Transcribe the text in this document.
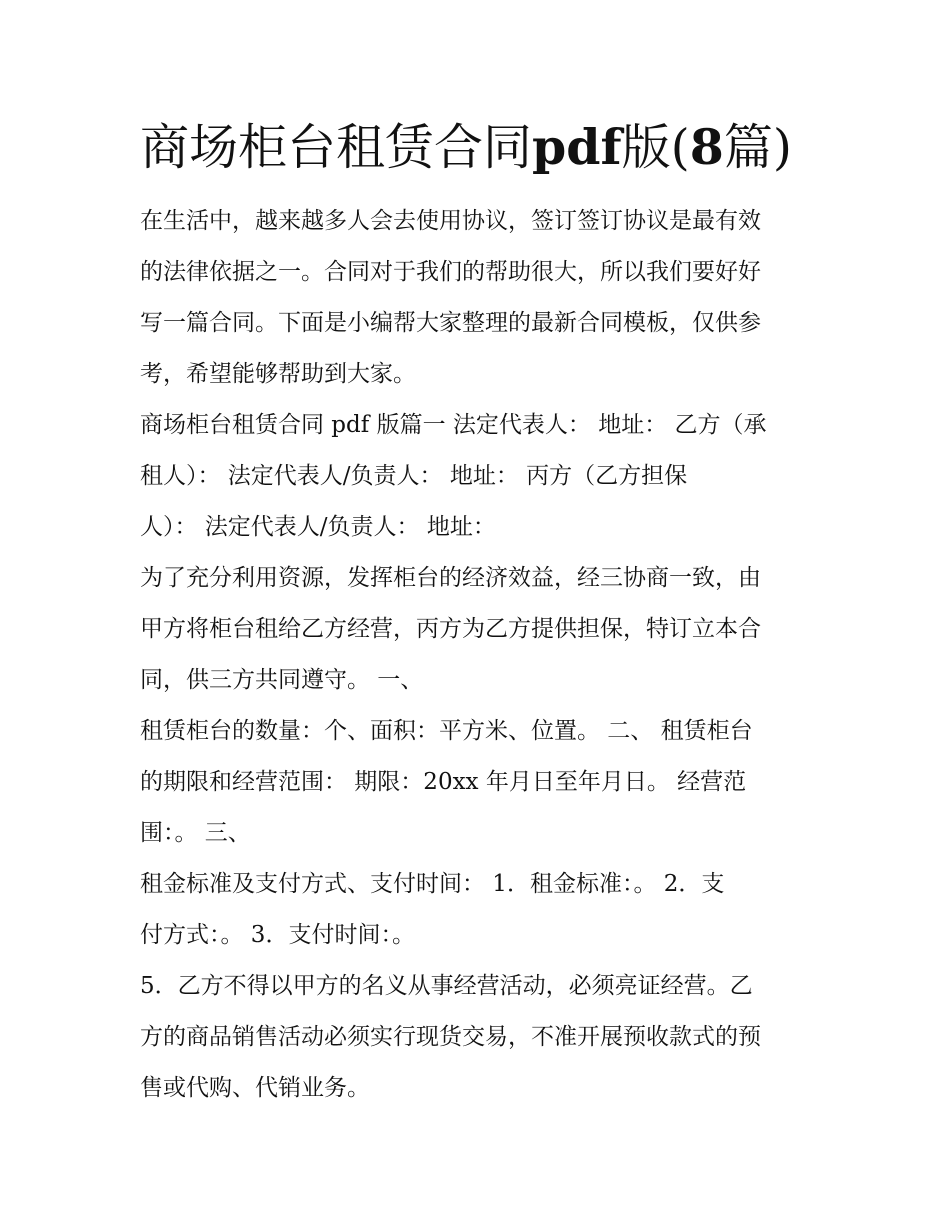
商场柜台租赁合同pdf版(8篇)
在生活中，越来越多人会去使用协议，签订签订协议是最有效
的法律依据之一。合同对于我们的帮助很大，所以我们要好好
写一篇合同。下面是小编帮大家整理的最新合同模板，仅供参
考，希望能够帮助到大家。
商场柜台租赁合同 pdf 版篇一 法定代表人： 地址： 乙方（承
租人）： 法定代表人/负责人： 地址： 丙方（乙方担保
人）： 法定代表人/负责人： 地址：
为了充分利用资源，发挥柜台的经济效益，经三协商一致，由
甲方将柜台租给乙方经营，丙方为乙方提供担保，特订立本合
同，供三方共同遵守。 一、
租赁柜台的数量：个、面积：平方米、位置。 二、 租赁柜台
的期限和经营范围： 期限：20xx 年月日至年月日。 经营范
围：。 三、
租金标准及支付方式、支付时间： 1．租金标准：。 2．支
付方式：。 3．支付时间：。
5．乙方不得以甲方的名义从事经营活动，必须亮证经营。乙
方的商品销售活动必须实行现货交易，不准开展预收款式的预
售或代购、代销业务。
